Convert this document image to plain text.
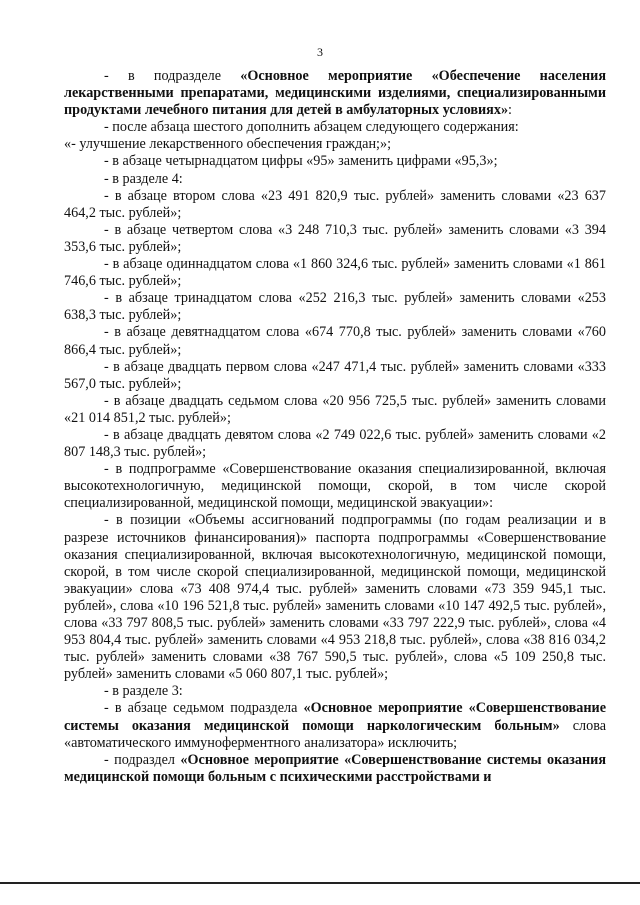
3

- в подразделе «Основное мероприятие «Обеспечение населения лекарственными препаратами, медицинскими изделиями, специализированными продуктами лечебного питания для детей в амбулаторных условиях»:

- после абзаца шестого дополнить абзацем следующего содержания:

«- улучшение лекарственного обеспечения граждан;»;

- в абзаце четырнадцатом цифры «95» заменить цифрами «95,3»;

- в разделе 4:

- в абзаце втором слова «23 491 820,9 тыс. рублей» заменить словами «23 637 464,2 тыс. рублей»;

- в абзаце четвертом слова «3 248 710,3 тыс. рублей» заменить словами «3 394 353,6 тыс. рублей»;

- в абзаце одиннадцатом слова «1 860 324,6 тыс. рублей» заменить словами «1 861 746,6 тыс. рублей»;

- в абзаце тринадцатом слова «252 216,3 тыс. рублей» заменить словами «253 638,3 тыс. рублей»;

- в абзаце девятнадцатом слова «674 770,8 тыс. рублей» заменить словами «760 866,4 тыс. рублей»;

- в абзаце двадцать первом слова «247 471,4 тыс. рублей» заменить словами «333 567,0 тыс. рублей»;

- в абзаце двадцать седьмом слова «20 956 725,5 тыс. рублей» заменить словами «21 014 851,2 тыс. рублей»;

- в абзаце двадцать девятом слова «2 749 022,6 тыс. рублей» заменить словами «2 807 148,3 тыс. рублей»;

- в подпрограмме «Совершенствование оказания специализированной, включая высокотехнологичную, медицинской помощи, скорой, в том числе скорой специализированной, медицинской помощи, медицинской эвакуации»:

- в позиции «Объемы ассигнований подпрограммы (по годам реализации и в разрезе источников финансирования)» паспорта подпрограммы «Совершенствование оказания специализированной, включая высокотехнологичную, медицинской помощи, скорой, в том числе скорой специализированной, медицинской помощи, медицинской эвакуации» слова «73 408 974,4 тыс. рублей» заменить словами «73 359 945,1 тыс. рублей», слова «10 196 521,8 тыс. рублей» заменить словами «10 147 492,5 тыс. рублей», слова «33 797 808,5 тыс. рублей» заменить словами «33 797 222,9 тыс. рублей», слова «4 953 804,4 тыс. рублей» заменить словами «4 953 218,8 тыс. рублей», слова «38 816 034,2 тыс. рублей» заменить словами «38 767 590,5 тыс. рублей», слова «5 109 250,8 тыс. рублей» заменить словами «5 060 807,1 тыс. рублей»;

- в разделе 3:

- в абзаце седьмом подраздела «Основное мероприятие «Совершенствование системы оказания медицинской помощи наркологическим больным» слова «автоматического иммуноферментного анализатора» исключить;

- подраздел «Основное мероприятие «Совершенствование системы оказания медицинской помощи больным с психическими расстройствами и
